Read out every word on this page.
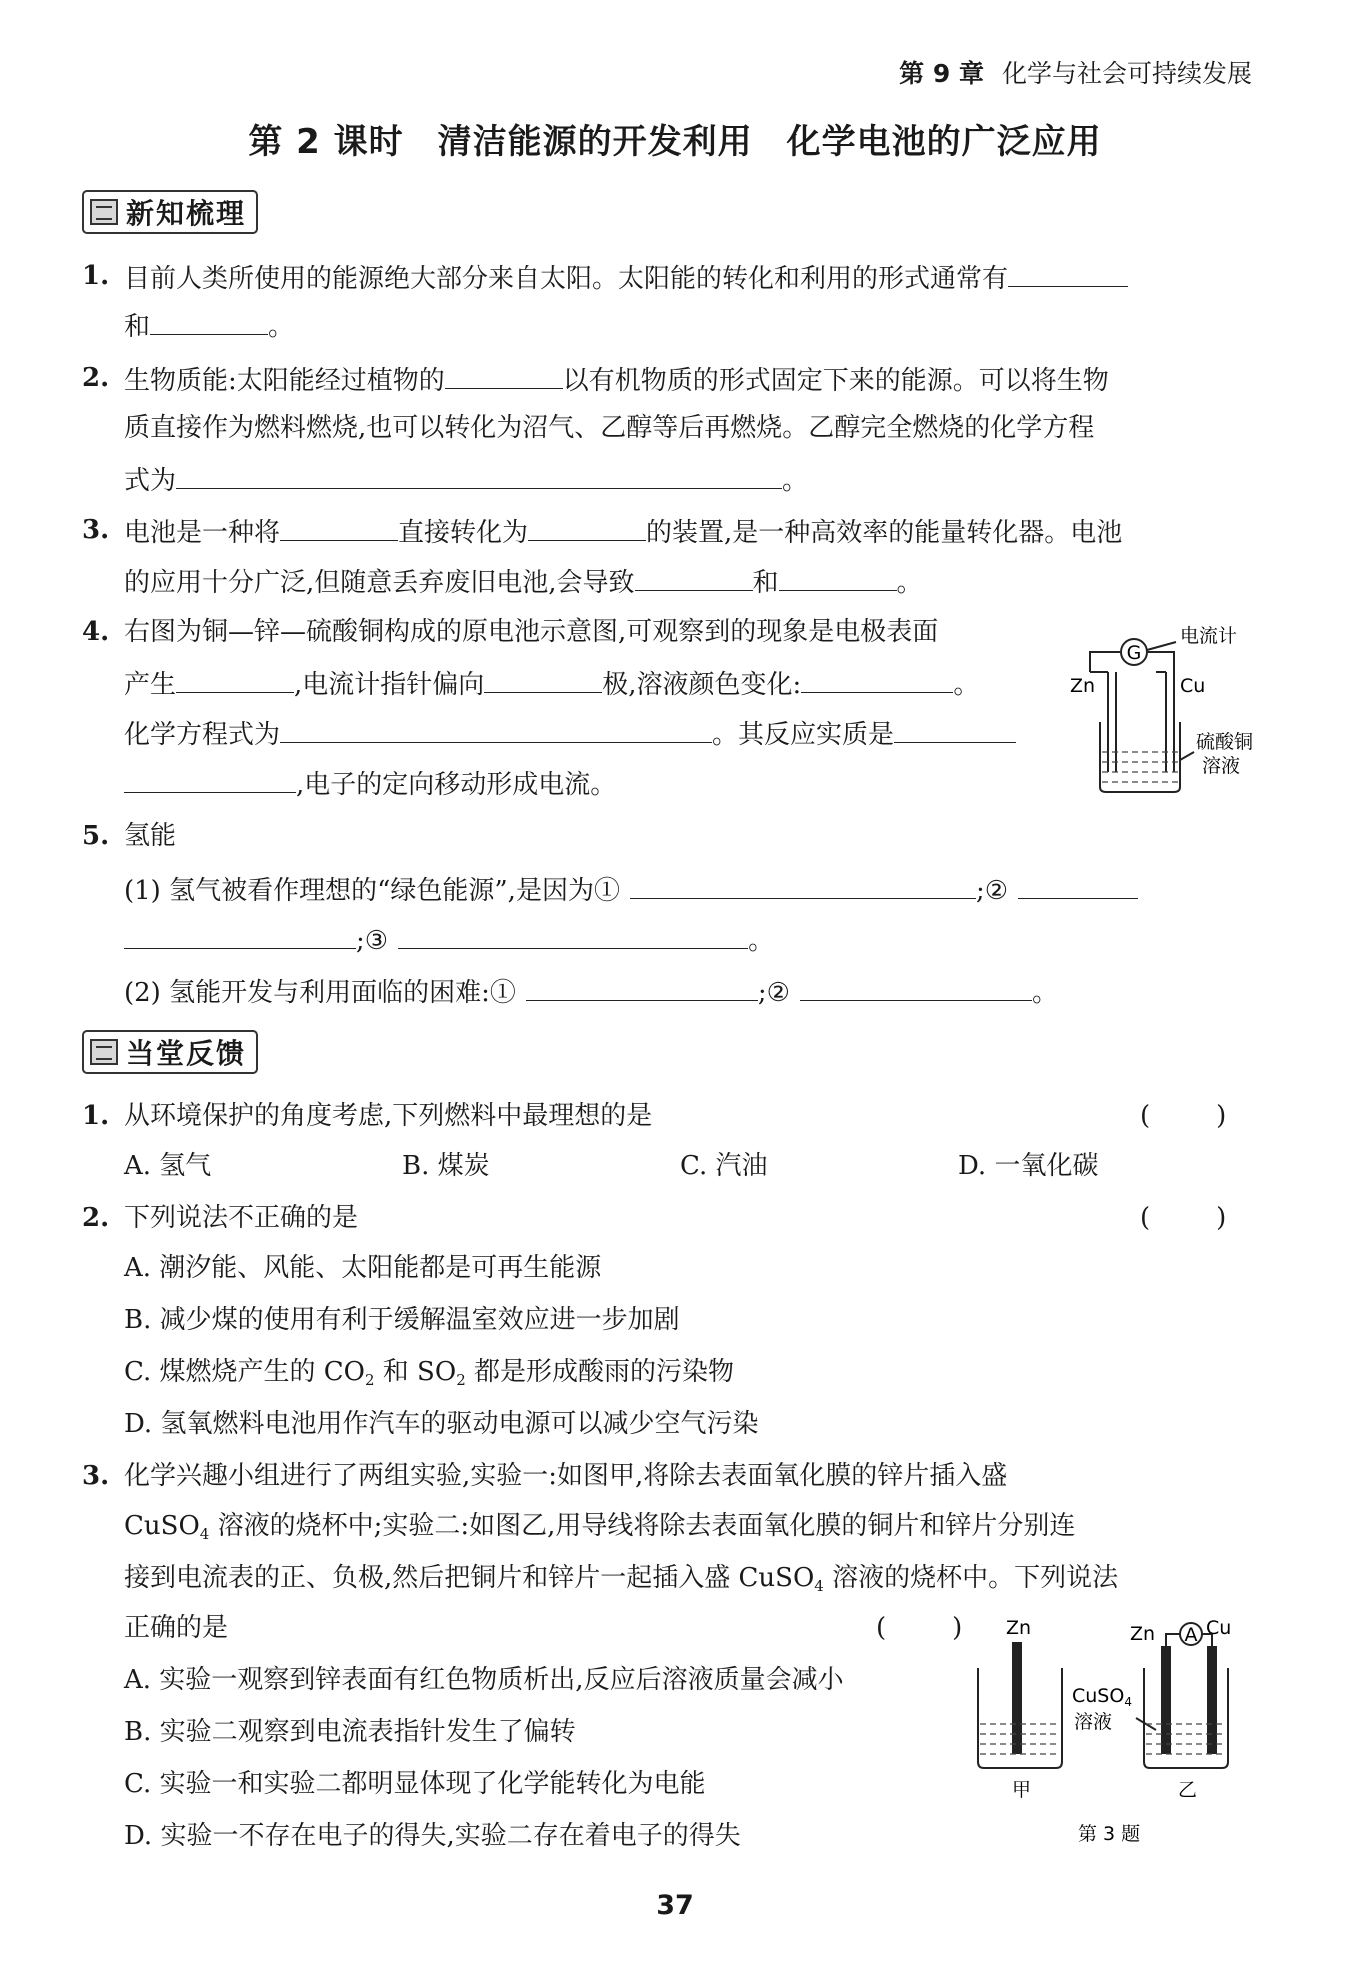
第 9 章 化学与社会可持续发展
第 2 课时 清洁能源的开发利用 化学电池的广泛应用
新知梳理
1. 目前人类所使用的能源绝大部分来自太阳。太阳能的转化和利用的形式通常有
和	。
2. 生物质能:太阳能经过植物的	以有机物质的形式固定下来的能源。可以将生物
质直接作为燃料燃烧,也可以转化为沼气、乙醇等后再燃烧。乙醇完全燃烧的化学方程
式为	。
3. 电池是一种将	直接转化为	的装置,是一种高效率的能量转化器。电池
的应用十分广泛,但随意丢弃废旧电池,会导致	和	。
4. 右图为铜—锌—硫酸铜构成的原电池示意图,可观察到的现象是电极表面
产生	,电流计指针偏向	极,溶液颜色变化:	。
化学方程式为	。其反应实质是
,电子的定向移动形成电流。
G
电流计
Zn	Cu
硫酸铜
溶液
5. 氢能
(1) 氢气被看作理想的“绿色能源”,是因为①	;②
;③	。
(2) 氢能开发与利用面临的困难:①	;②	。
当堂反馈
1. 从环境保护的角度考虑,下列燃料中最理想的是	(	)
A. 氢气	B. 煤炭	C. 汽油	D. 一氧化碳
2. 下列说法不正确的是	(	)
A. 潮汐能、风能、太阳能都是可再生能源
B. 减少煤的使用有利于缓解温室效应进一步加剧
C. 煤燃烧产生的 CO2 和 SO2 都是形成酸雨的污染物
D. 氢氧燃料电池用作汽车的驱动电源可以减少空气污染
3. 化学兴趣小组进行了两组实验,实验一:如图甲,将除去表面氧化膜的锌片插入盛
CuSO4 溶液的烧杯中;实验二:如图乙,用导线将除去表面氧化膜的铜片和锌片分别连
接到电流表的正、负极,然后把铜片和锌片一起插入盛 CuSO4 溶液的烧杯中。下列说法
正确的是	(	)
A. 实验一观察到锌表面有红色物质析出,反应后溶液质量会减小
B. 实验二观察到电流表指针发生了偏转
C. 实验一和实验二都明显体现了化学能转化为电能
D. 实验一不存在电子的得失,实验二存在着电子的得失
Zn	Zn A Cu
CuSO$_4$
溶液
甲	乙
第 3 题
37
